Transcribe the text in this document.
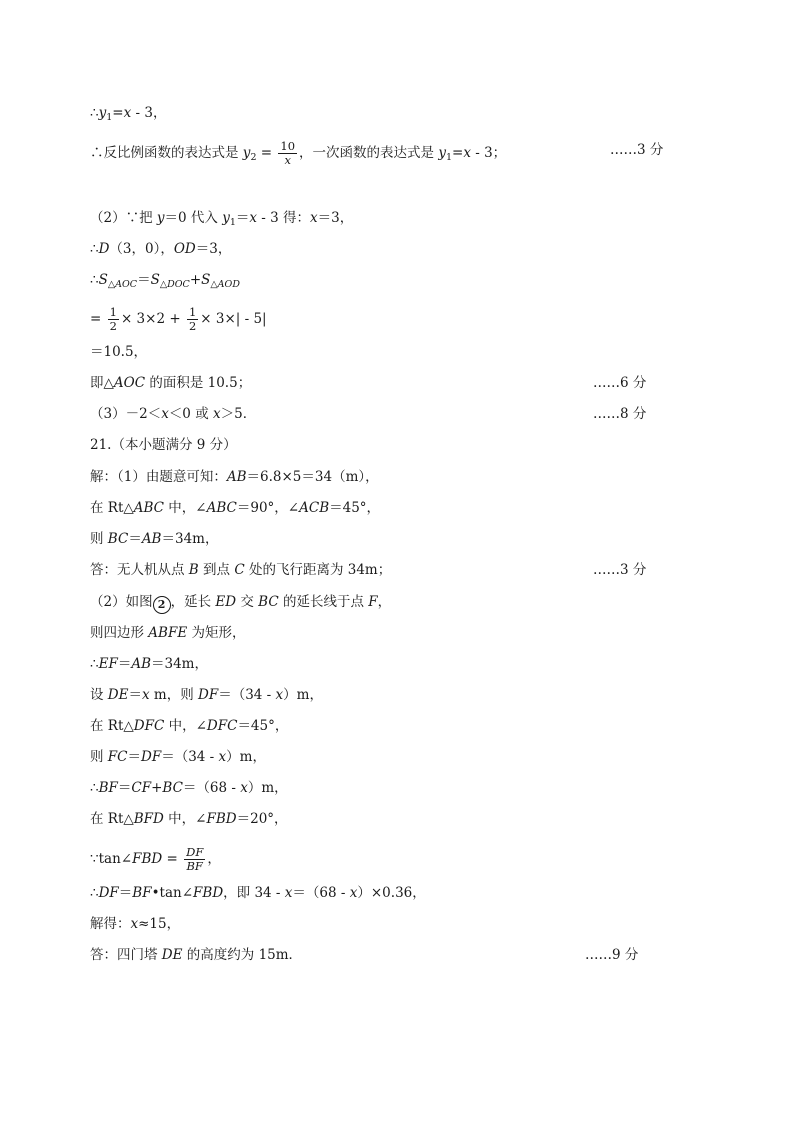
$\therefore y_1=x - 3$，
∴反比例函数的表达式是 $y_2 = \frac{10}{x}$ ，一次函数的表达式是 $y_1=x - 3$；	……3 分
（2）∵把 y＝0 代入 $y_1=x - 3$ 得：x＝3，
∴D（3，0），OD＝3，
$\therefore S_{\triangle AOC}=S_{\triangle DOC}+S_{\triangle AOD}$
= $\frac{1}{2} \times 3\times 2 + \frac{1}{2} \times 3\times| - 5|$
＝10.5，
即△AOC 的面积是 10.5；	……6 分
（3）－2＜x＜0 或 x＞5．	……8 分
21.（本小题满分 9 分）
解：（1）由题意可知：AB＝6.8×5＝34（m），
在 Rt△ABC 中，∠ABC＝90°，∠ACB＝45°，
则 BC＝AB＝34m，
答：无人机从点 B 到点 C 处的飞行距离为 34m；	……3 分
（2）如图 2 ，延长 ED 交 BC 的延长线于点 F，
则四边形 ABFE 为矩形，
∴EF＝AB＝34m，
设 DE＝x m，则 DF＝（34 - x）m，
在 Rt△DFC 中，∠DFC＝45°，
则 FC＝DF＝（34 - x）m，
∴BF＝CF+BC＝（68 - x）m，
在 Rt△BFD 中，∠FBD＝20°，
∵tan∠FBD = $\frac{DF}{BF}$ ，
∴DF＝BF•tan∠FBD，即 34 - x＝（68 - x）×0.36，
解得：x≈15，
答：四门塔 DE 的高度约为 15m．	……9 分
